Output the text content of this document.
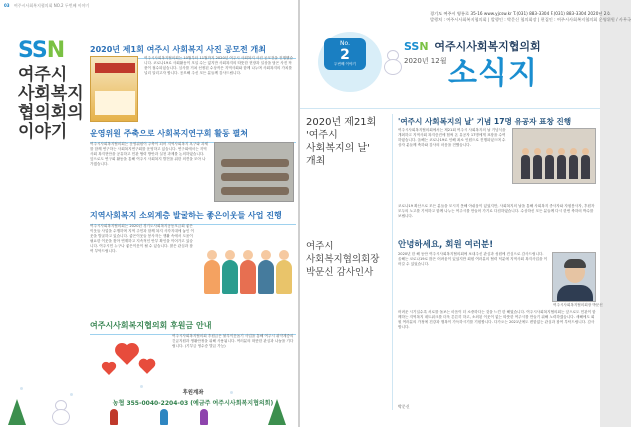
03 여주시사회복지협의회 NO.2 두번째 이야기
SSN
여주시
사회복지
협의회의
이야기
2020년 제1회 여주시 사회복지 사진 공모전 개최
여주시사회복지협의회는 10월부터 11월까지 2020년 여주시 사회복지 사진 공모전을 진행했습니다. 코로나19로 사회활동이 모일 수는 없지만 사회복지의 따뜻한 현장과 일상을 담은 사진 작품이 접수되었습니다. 심사를 거쳐 선정된 수상작은 지역사회와 함께 나누며 사회복지의 가치를 널리 알리고자 합니다. 응모해 주신 모든 분들께 감사드립니다.
운영위원 주축으로 사회복지연구회 활동 펼쳐
여주시사회복지협의회는 운영위원이 주축이 되어 지역사회복지 욕구와 과제를 함께 연구하는 사회복지연구회를 운영하고 있습니다. 연구회에서는 지역사회 복지현안을 공유하고 민관 협력 방안과 실천 과제를 논의하였습니다. 앞으로도 연구회 활동을 통해 여주시 사회복지 발전을 위한 의견을 모아 나가겠습니다.
지역사회복지 소외계층 발굴하는 좋은이웃들 사업 진행
여주시사회복지협의회는 2020년 경기도사회복지공동모금회 좋은이웃들 사업을 수행하며 지역 주민과 함께 복지 사각지대에 놓인 이웃을 발굴하고 있습니다. 좋은이웃들 봉사자는 생활 속에서 도움이 필요한 이웃을 찾아 연계하고 지속적인 안부 확인을 이어가고 있습니다. 여주시민 누구나 좋은이웃이 될 수 있습니다. 많은 관심과 참여 부탁드립니다.
여주시사회복지협의회 후원금 안내
여주시사회복지협의회 후원금은 불우이웃돕기 사업을 통해 여주시 취약계층의 긴급지원과 생활안정을 위해 사용됩니다. 여러분의 따뜻한 관심과 나눔을 기다립니다. (기부금 영수증 발급 가능)
후원계좌
농협 355-0040-2204-03 (예금주 여주시사회복지협의회)
경기도 여주시 영릉로 35-16 www.yjcsw.kr T.(031) 883-3304 F.(031) 883-3304 2020년 2호
발행처 : 여주시사회복지협의회 | 발행인 : 박문신 협의회장 | 편집인 : 여주시사회복지협의회 운영위원 / 사무국
No.
2
두번째 이야기
SSN 여주시사회복지협의회
2020년 12월 소식지
2020년 제21회
'여주시
사회복지의 날'
개최
여주시
사회복지협의회장
박문신 감사인사
'여주시 사회복지의 날' 기념 17명 유공자 표창 진행
여주시사회복지협의회에서는 제21회 여주시 사회복지의 날 기념식을 개최하고 지역사회 복지증진에 힘써 온 유공자 17명에게 표창을 수여하였습니다. 올해는 코로나19로 인해 최소 인원으로 진행되었으며 수상자 분들께 축하와 감사의 마음을 전했습니다.
코로나19 확산으로 모든 분들을 모시지 못해 아쉬움이 있었지만, 사회복지의 날을 통해 사회복지 종사자와 자원봉사자, 후원자 모두의 노고를 기억하고 함께 나누는 여주시를 만들어 가기로 다짐하였습니다. 수상하신 모든 분들께 다시 한번 축하의 박수를 보냅니다.
안녕하세요, 회원 여러분!
2020년 한 해 동안 여주시사회복지협의회에 보내주신 관심과 성원에 진심으로 감사드립니다. 올해는 코로나19로 많은 어려움이 있었지만 회원 여러분의 협력 덕분에 지역사회 복지사업을 이어갈 수 있었습니다.
여주시사회복지협의회장 박문신
어려운 시기일수록 서로를 돌보는 마음이 더 소중하다는 것을 느낀 한 해였습니다. 여주시사회복지협의회는 앞으로도 민관이 함께하는 지역복지 네트워크를 더욱 튼튼히 하고, 소외된 이웃이 없는 따뜻한 여주시를 만들기 위해 노력하겠습니다. 새해에도 회원 여러분의 가정에 건강과 행복이 가득하시기를 기원합니다. 다가오는 2021년에도 변함없는 관심과 참여 부탁드립니다. 감사합니다.
박문신
